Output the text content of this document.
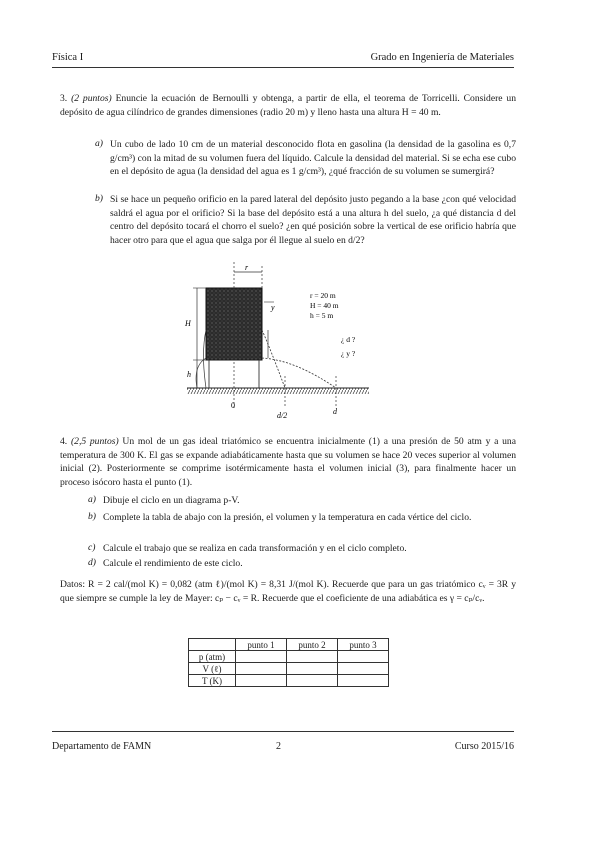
Física I	Grado en Ingeniería de Materiales
3. (2 puntos) Enuncie la ecuación de Bernoulli y obtenga, a partir de ella, el teorema de Torricelli. Considere un depósito de agua cilíndrico de grandes dimensiones (radio 20 m) y lleno hasta una altura H = 40 m.
a) Un cubo de lado 10 cm de un material desconocido flota en gasolina (la densidad de la gasolina es 0,7 g/cm³) con la mitad de su volumen fuera del líquido. Calcule la densidad del material. Si se echa ese cubo en el depósito de agua (la densidad del agua es 1 g/cm³), ¿qué fracción de su volumen se sumergirá?
b) Si se hace un pequeño orificio en la pared lateral del depósito justo pegando a la base ¿con qué velocidad saldrá el agua por el orificio? Si la base del depósito está a una altura h del suelo, ¿a qué distancia d del centro del depósito tocará el chorro el suelo? ¿en qué posición sobre la vertical de ese orificio habría que hacer otro para que el agua que salga por él llegue al suelo en d/2?
r
H
h
y
0
d/2	d
r = 20 m
H = 40 m
h = 5 m
¿ d ?
¿ y ?
4. (2,5 puntos) Un mol de un gas ideal triatómico se encuentra inicialmente (1) a una presión de 50 atm y a una temperatura de 300 K. El gas se expande adiabáticamente hasta que su volumen se hace 20 veces superior al volumen inicial (2). Posteriormente se comprime isotérmicamente hasta el volumen inicial (3), para finalmente hacer un proceso isócoro hasta el punto (1).
a) Dibuje el ciclo en un diagrama p-V.
b) Complete la tabla de abajo con la presión, el volumen y la temperatura en cada vértice del ciclo.
c) Calcule el trabajo que se realiza en cada transformación y en el ciclo completo.
d) Calcule el rendimiento de este ciclo.
Datos: R = 2 cal/(mol K) = 0,082 (atm ℓ)/(mol K) = 8,31 J/(mol K). Recuerde que para un gas triatómico cᵥ = 3R y que siempre se cumple la ley de Mayer: cₚ − cᵥ = R. Recuerde que el coeficiente de una adiabática es γ = cₚ/cᵥ.
	punto 1	punto 2	punto 3
p (atm)			
V (ℓ)			
T (K)			
Departamento de FAMN	2	Curso 2015/16
